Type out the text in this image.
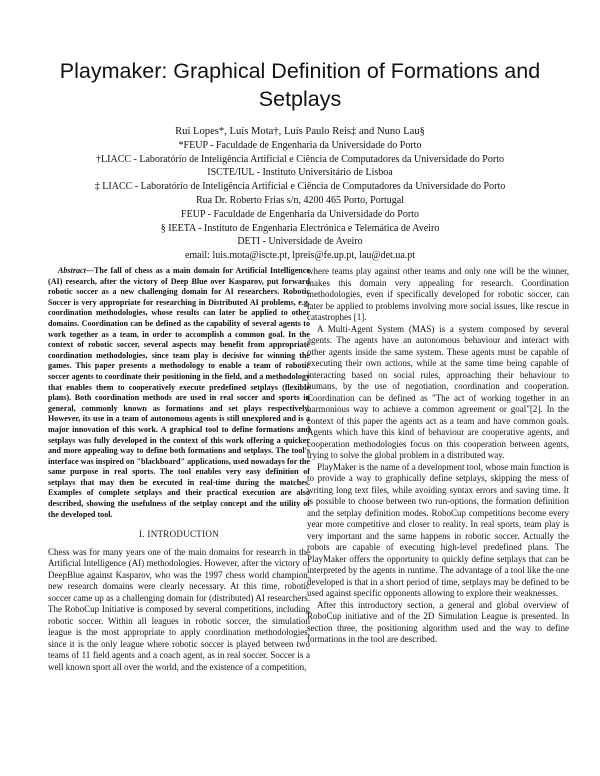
Playmaker: Graphical Definition of Formations and Setplays
Rui Lopes*, Luís Mota†, Luís Paulo Reis‡ and Nuno Lau§
*FEUP - Faculdade de Engenharia da Universidade do Porto
†LIACC - Laboratório de Inteligência Artificial e Ciência de Computadores da Universidade do Porto
ISCTE/IUL - Instituto Universitário de Lisboa
‡ LIACC - Laboratório de Inteligência Artificial e Ciência de Computadores da Universidade do Porto
Rua Dr. Roberto Frias s/n, 4200 465 Porto, Portugal
FEUP - Faculdade de Engenharia da Universidade do Porto
§ IEETA - Instituto de Engenharia Electrónica e Telemática de Aveiro
DETI - Universidade de Aveiro
email: luis.mota@iscte.pt, lpreis@fe.up.pt, lau@det.ua.pt

Abstract—The fall of chess as a main domain for Artificial Intelligence (AI) research, after the victory of Deep Blue over Kasparov, put forward robotic soccer as a new challenging domain for AI researchers. Robotic Soccer is very appropriate for researching in Distributed AI problems, e.g. coordination methodologies, whose results can later be applied to other domains. Coordination can be defined as the capability of several agents to work together as a team, in order to accomplish a common goal. In the context of robotic soccer, several aspects may benefit from appropriate coordination methodologies, since team play is decisive for winning the games. This paper presents a methodology to enable a team of robotic soccer agents to coordinate their positioning in the field, and a methodology that enables them to cooperatively execute predefined setplays (flexible plans). Both coordination methods are used in real soccer and sports in general, commonly known as formations and set plays respectively. However, its use in a team of autonomous agents is still unexplored and is a major innovation of this work. A graphical tool to define formations and setplays was fully developed in the context of this work offering a quicker and more appealing way to define both formations and setplays. The tool's interface was inspired on "blackboard" applications, used nowadays for the same purpose in real sports. The tool enables very easy definition of setplays that may then be executed in real-time during the matches. Examples of complete setplays and their practical execution are also described, showing the usefulness of the setplay concept and the utility of the developed tool.

I. INTRODUCTION

Chess was for many years one of the main domains for research in the Artificial Intelligence (AI) methodologies. However, after the victory of DeepBlue against Kasparov, who was the 1997 chess world champion, new research domains were clearly necessary. At this time, robotic soccer came up as a challenging domain for (distributed) AI researchers. The RoboCup Initiative is composed by several competitions, including robotic soccer. Within all leagues in robotic soccer, the simulation league is the most appropriate to apply coordination methodologies, since it is the only league where robotic soccer is played between two teams of 11 field agents and a coach agent, as in real soccer. Soccer is a well known sport all over the world, and the existence of a competition,

where teams play against other teams and only one will be the winner, makes this domain very appealing for research. Coordination methodologies, even if specifically developed for robotic soccer, can later be applied to problems involving more social issues, like rescue in catastrophes [1].

A Multi-Agent System (MAS) is a system composed by several agents. The agents have an autonomous behaviour and interact with other agents inside the same system. These agents must be capable of executing their own actions, while at the same time being capable of interacting based on social rules, approaching their behaviour to humans, by the use of negotiation, coordination and cooperation. Coordination can be defined as "The act of working together in an harmonious way to achieve a common agreement or goal"[2]. In the context of this paper the agents act as a team and have common goals. Agents which have this kind of behaviour are cooperative agents, and cooperation methodologies focus on this cooperation between agents, trying to solve the global problem in a distributed way.

PlayMaker is the name of a development tool, whose main function is to provide a way to graphically define setplays, skipping the mess of writing long text files, while avoiding syntax errors and saving time. It is possible to choose between two run-options, the formation definition and the setplay definition modes. RoboCup competitions become every year more competitive and closer to reality. In real sports, team play is very important and the same happens in robotic soccer. Actually the robots are capable of executing high-level predefined plans. The PlayMaker offers the opportunity to quickly define setplays that can be interpreted by the agents in runtime. The advantage of a tool like the one developed is that in a short period of time, setplays may be defined to be used against specific opponents allowing to explore their weaknesses.

After this introductory section, a general and global overview of RoboCup initiative and of the 2D Simulation League is presented. In section three, the positioning algorithm used and the way to define formations in the tool are described.
